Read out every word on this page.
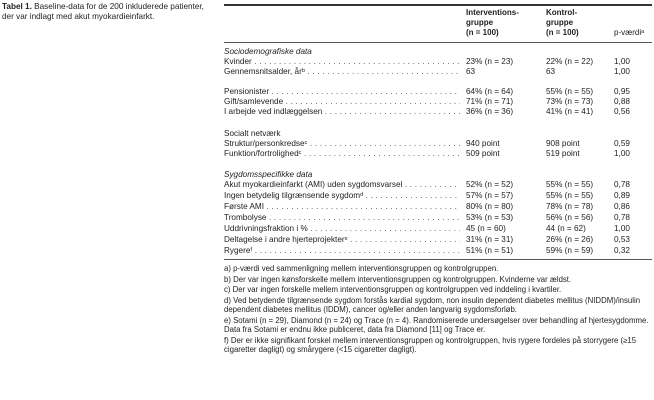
Tabel 1. Baseline-data for de 200 inkluderede patienter, der var indlagt med akut myokardieinfarkt.	Interventions-
gruppe
(n = 100)
Kontrol-
gruppe
(n = 100)	p-værdiᵃ
Sociodemografiske data
Kvinder . . .	23% (n = 23)	22% (n = 22)	1,00
Gennemsnitsalder, årᵇ . . .	63	63	1,00
Pensionister . . .	64% (n = 64)	55% (n = 55)	0,95
Gift/samlevende . . .	71% (n = 71)	73% (n = 73)	0,88
I arbejde ved indlæggelsen . . .	36% (n = 36)	41% (n = 41)	0,56
Socialt netværk
Struktur/personkredseᶜ . . .	940 point	908 point	0,59
Funktion/fortrolighedᶜ . . .	509 point	519 point	1,00
Sygdomsspecifikke data
Akut myokardieinfarkt (AMI) uden sygdomsvarsel . . .	52% (n = 52)	55% (n = 55)	0,78
Ingen betydelig tilgrænsende sygdomᵈ . . .	57% (n = 57)	55% (n = 55)	0,89
Første AMI . . .	80% (n = 80)	78% (n = 78)	0,86
Trombolyse . . .	53% (n = 53)	56% (n = 56)	0,78
Uddrivningsfraktion i % . . .	45 (n = 60)	44 (n = 62)	1,00
Deltagelse i andre hjerteprojekterᵉ . . .	31% (n = 31)	26% (n = 26)	0,53
Rygereᶠ . . .	51% (n = 51)	59% (n = 59)	0,32
a) p-værdi ved sammenligning mellem interventionsgruppen og kontrolgruppen.
b) Der var ingen kønsforskelle mellem interventionsgruppen og kontrolgruppen. Kvinderne var ældst.
c) Der var ingen forskelle mellem interventionsgruppen og kontrolgruppen ved inddeling i kvartiler.
d) Ved betydende tilgrænsende sygdom forstås kardial sygdom, non insulin dependent diabetes mellitus (NIDDM)/insulin dependent diabetes mellitus (IDDM), cancer og/eller anden langvarig sygdomsforløb.
e) Sotami (n = 29), Diamond (n = 24) og Trace (n = 4). Randomiserede undersøgelser over behandling af hjertesygdomme. Data fra Sotami er endnu ikke publiceret, data fra Diamond [11] og Trace er.
f) Der er ikke signifikant forskel mellem interventionsgruppen og kontrolgruppen, hvis rygere fordeles på storrygere (≥15 cigaretter dagligt) og smårygere (<15 cigaretter dagligt).
